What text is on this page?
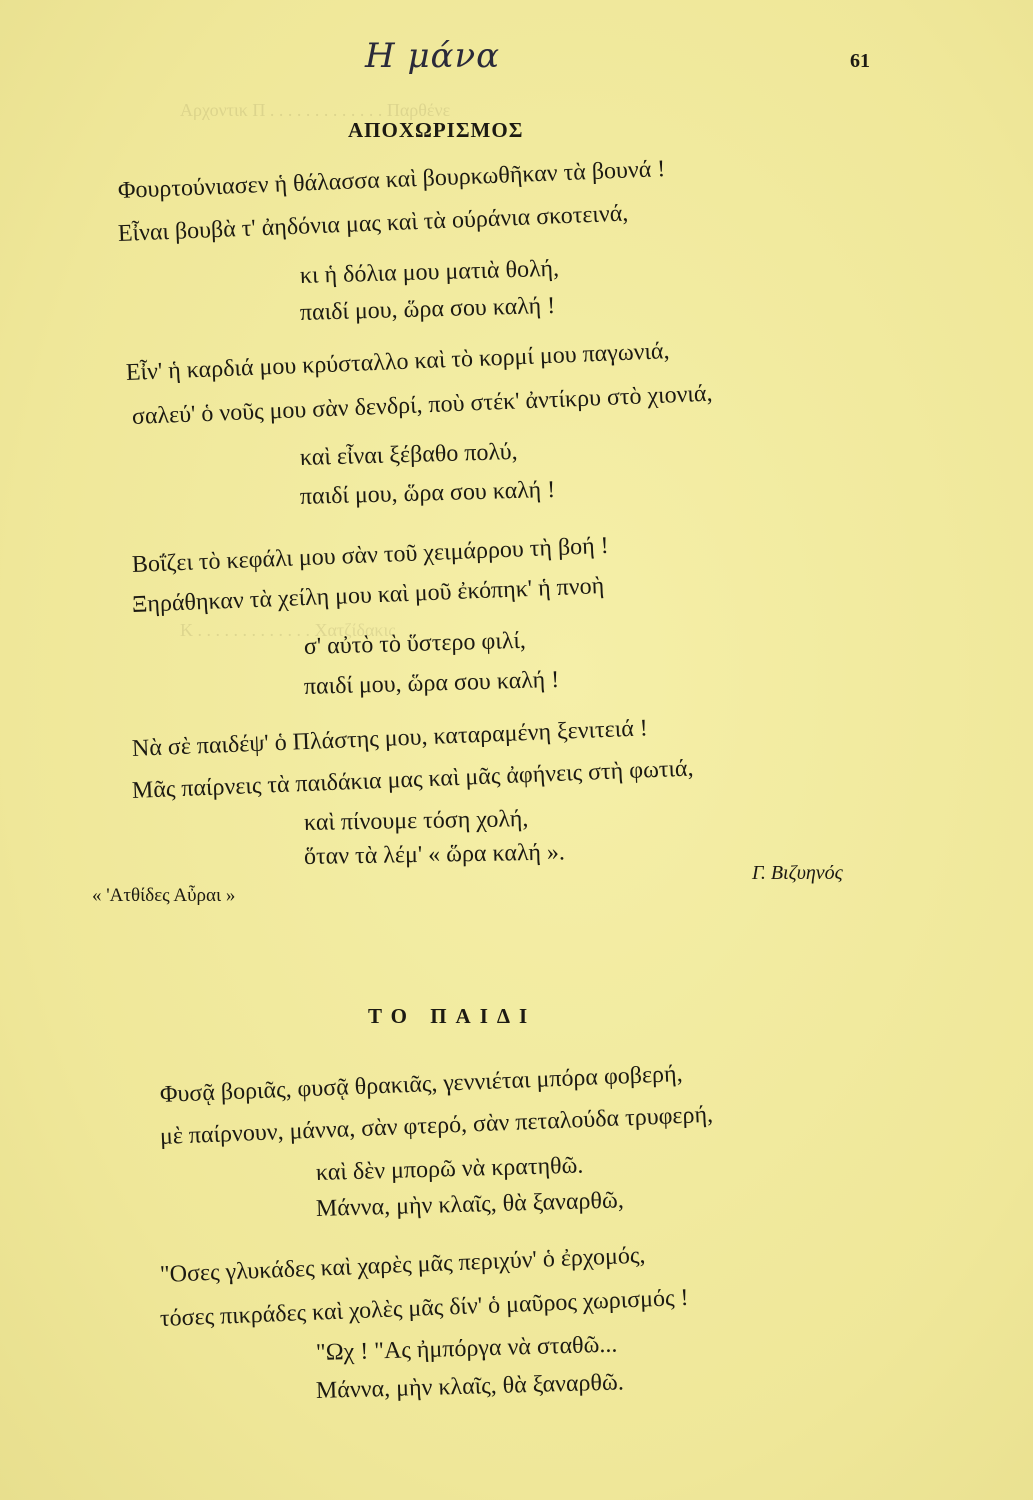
Αρχοντικ Π . . . . . . . . . . . . . Παρθένε
Κ . . . . . . . . . . . . . Χατζίδακις
Η μάνα	61
ΑΠΟΧΩΡΙΣΜΟΣ
Φουρτούνιασεν ἡ θάλασσα καὶ βουρκωθῆκαν τὰ βουνά !
Εἶναι βουβὰ τ' ἀηδόνια μας καὶ τὰ ούράνια σκοτεινά,
κι ἡ δόλια μου ματιὰ θολή,
παιδί μου, ὥρα σου καλή !
Εἶν' ἡ καρδιά μου κρύσταλλο καὶ τὸ κορμί μου παγωνιά,
σαλεύ' ὁ νοῦς μου σὰν δενδρί, ποὺ στέκ' ἀντίκρυ στὸ χιονιά,
καὶ εἶναι ξέβαθο πολύ,
παιδί μου, ὥρα σου καλή !
Βοΐζει τὸ κεφάλι μου σὰν τοῦ χειμάρρου τὴ βοή !
Ξηράθηκαν τὰ χείλη μου καὶ μοῦ ἐκόπηκ' ἡ πνοὴ
σ' αὐτὸ τὸ ὕστερο φιλί,
παιδί μου, ὥρα σου καλή !
Νὰ σὲ παιδέψ' ὁ Πλάστης μου, καταραμένη ξενιτειά !
Μᾶς παίρνεις τὰ παιδάκια μας καὶ μᾶς ἀφήνεις στὴ φωτιά,
καὶ πίνουμε τόση χολή,
ὅταν τὰ λέμ' « ὥρα καλή ».
Γ. Βιζυηνός
« 'Ατθίδες Αὖραι »
ΤΟ ΠΑΙΔΙ
Φυσᾷ βοριᾶς, φυσᾷ θρακιᾶς, γεννιέται μπόρα φοβερή,
μὲ παίρνουν, μάννα, σὰν φτερό, σὰν πεταλούδα τρυφερή,
καὶ δὲν μπορῶ νὰ κρατηθῶ.
Μάννα, μὴν κλαῖς, θὰ ξαναρθῶ,
"Οσες γλυκάδες καὶ χαρὲς μᾶς περιχύν' ὁ ἐρχομός,
τόσες πικράδες καὶ χολὲς μᾶς δίν' ὁ μαῦρος χωρισμός !
"Ωχ ! "Ας ἠμπόργα νὰ σταθῶ...
Μάννα, μὴν κλαῖς, θὰ ξαναρθῶ.
